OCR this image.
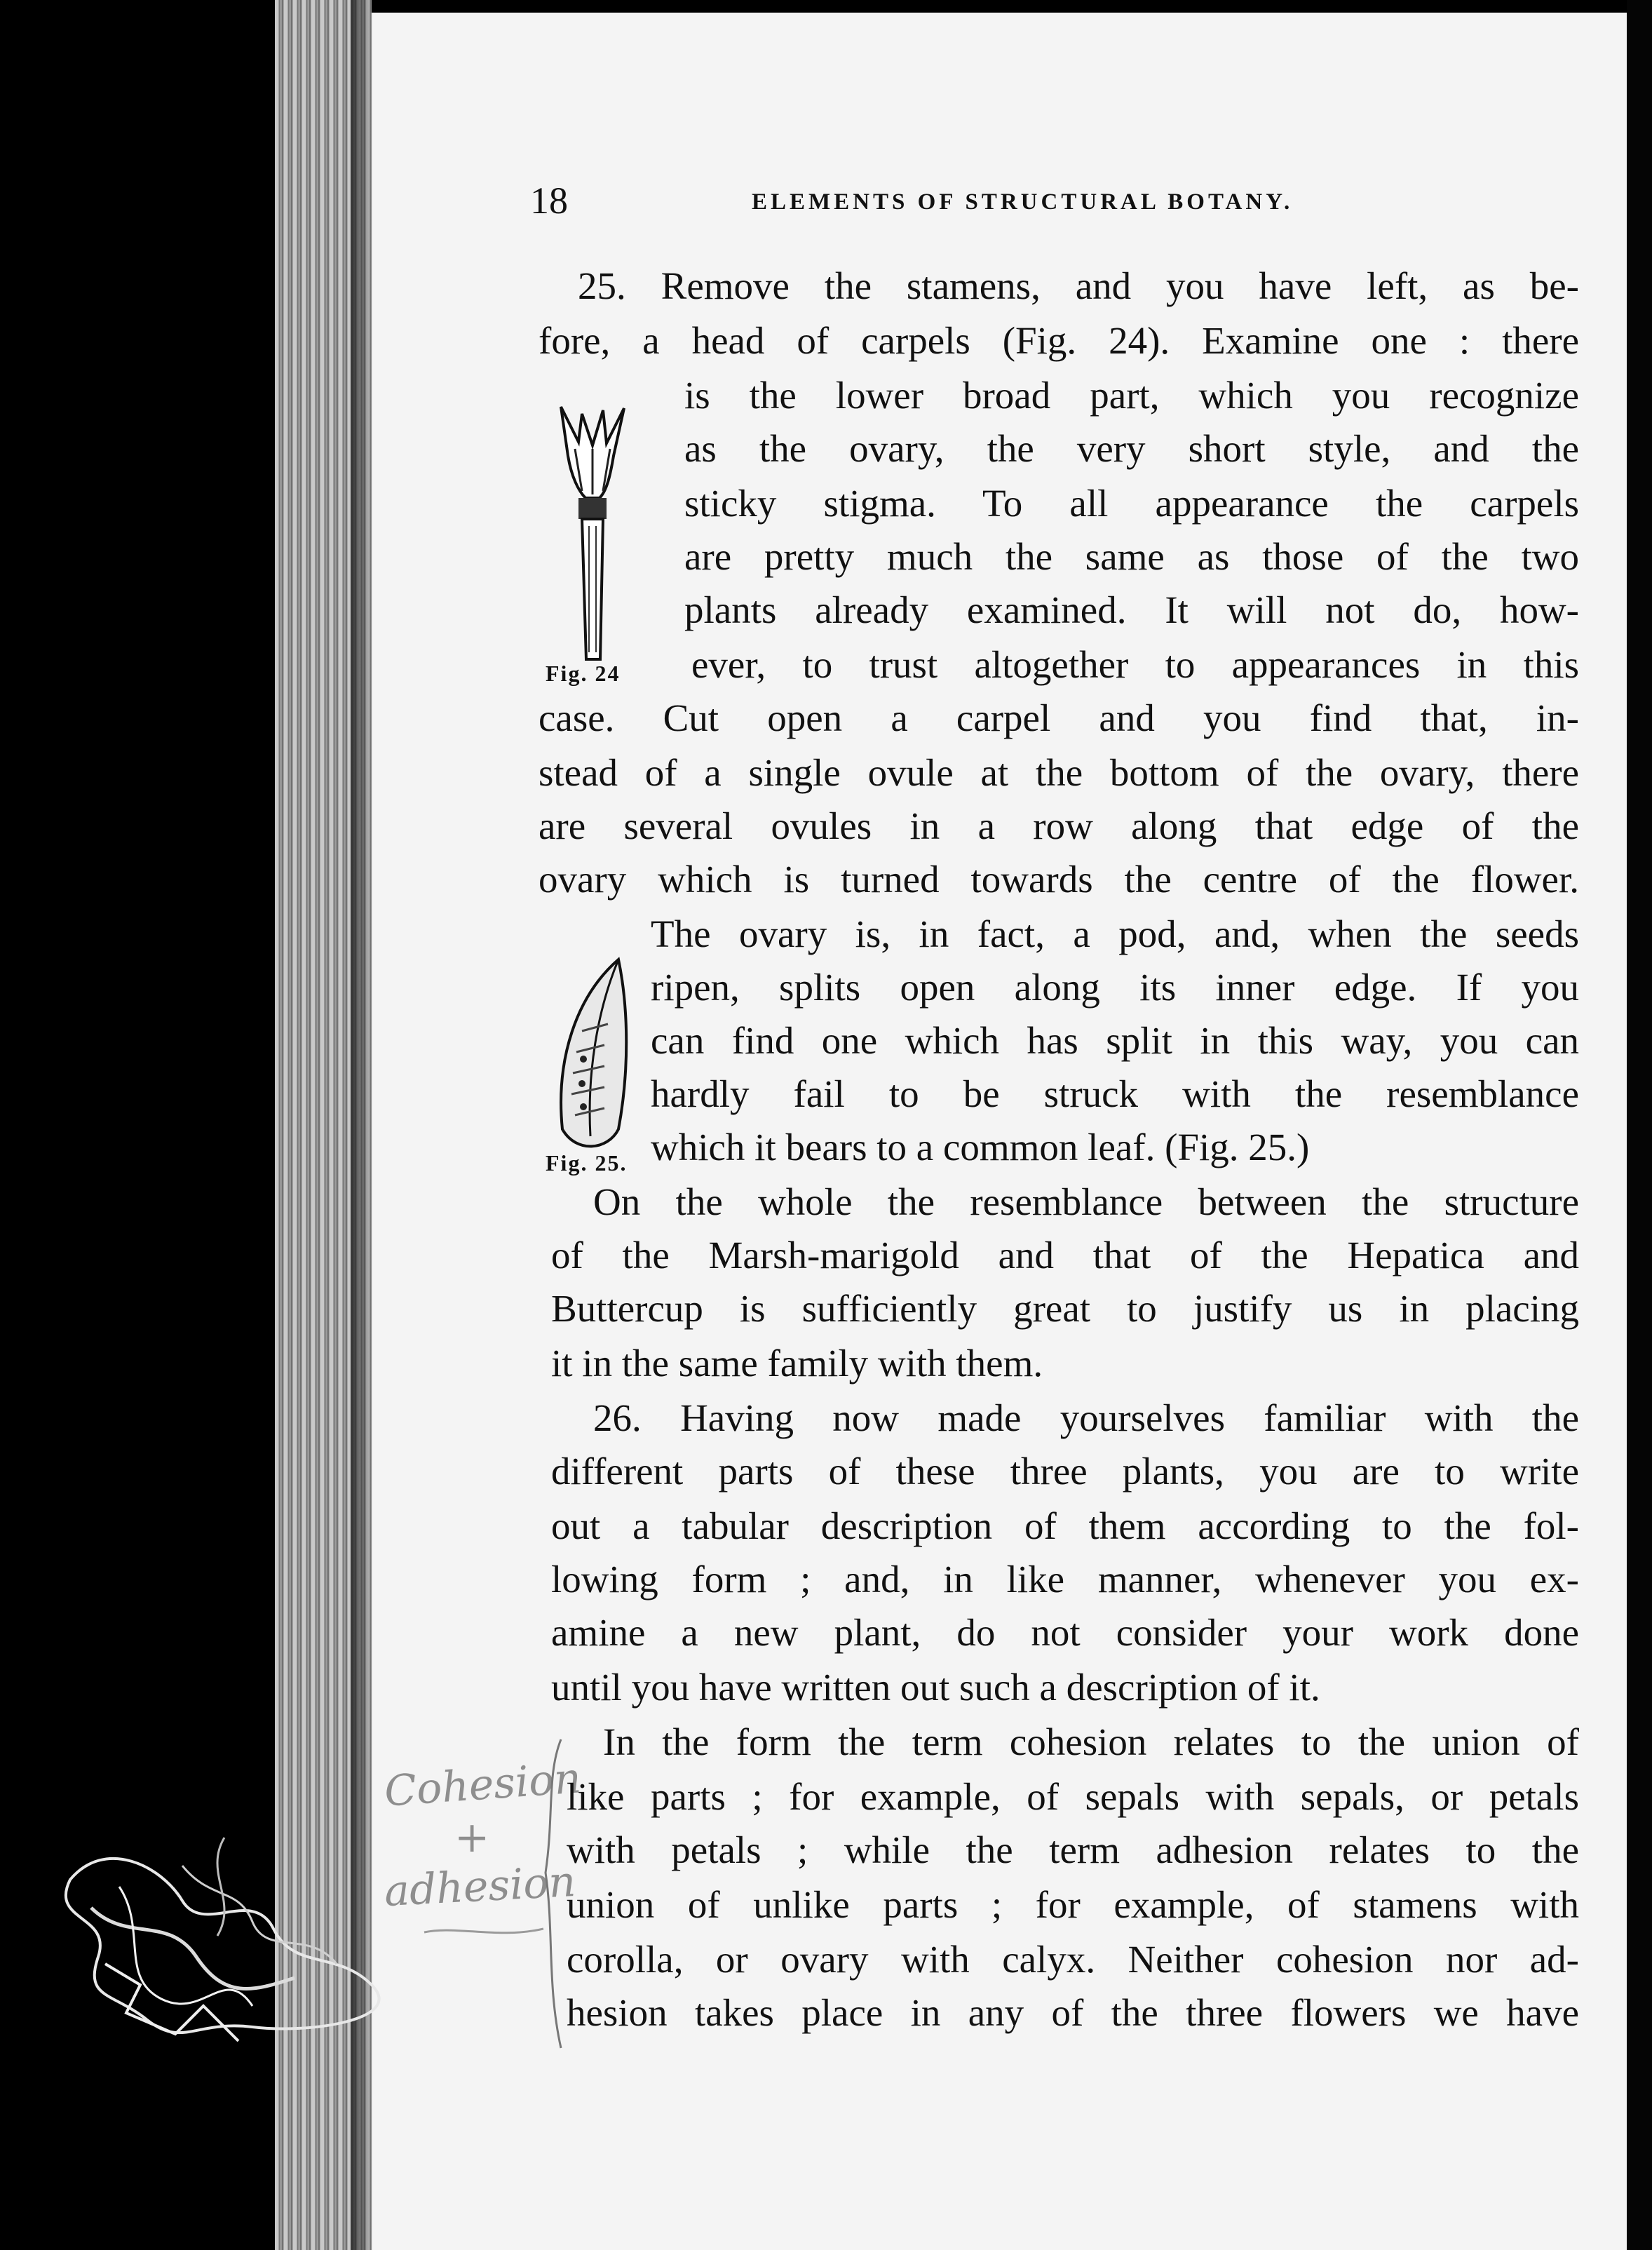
18	ELEMENTS OF STRUCTURAL BOTANY.
Fig. 24
Fig. 25.
Cohesion
+
adhesion
25. Remove the stamens, and you have left, as be-
fore, a head of carpels (Fig. 24). Examine one : there
is the lower broad part, which you recognize
as the ovary, the very short style, and the
sticky stigma. To all appearance the carpels
are pretty much the same as those of the two
plants already examined. It will not do, how-
ever, to trust altogether to appearances in this
case. Cut open a carpel and you find that, in-
stead of a single ovule at the bottom of the ovary, there
are several ovules in a row along that edge of the
ovary which is turned towards the centre of the flower.
The ovary is, in fact, a pod, and, when the seeds
ripen, splits open along its inner edge. If you
can find one which has split in this way, you can
hardly fail to be struck with the resemblance
which it bears to a common leaf. (Fig. 25.)
On the whole the resemblance between the structure
of the Marsh-marigold and that of the Hepatica and
Buttercup is sufficiently great to justify us in placing
it in the same family with them.
26. Having now made yourselves familiar with the
different parts of these three plants, you are to write
out a tabular description of them according to the fol-
lowing form ; and, in like manner, whenever you ex-
amine a new plant, do not consider your work done
until you have written out such a description of it.
In the form the term cohesion relates to the union of
like parts ; for example, of sepals with sepals, or petals
with petals ; while the term adhesion relates to the
union of unlike parts ; for example, of stamens with
corolla, or ovary with calyx. Neither cohesion nor ad-
hesion takes place in any of the three flowers we have
